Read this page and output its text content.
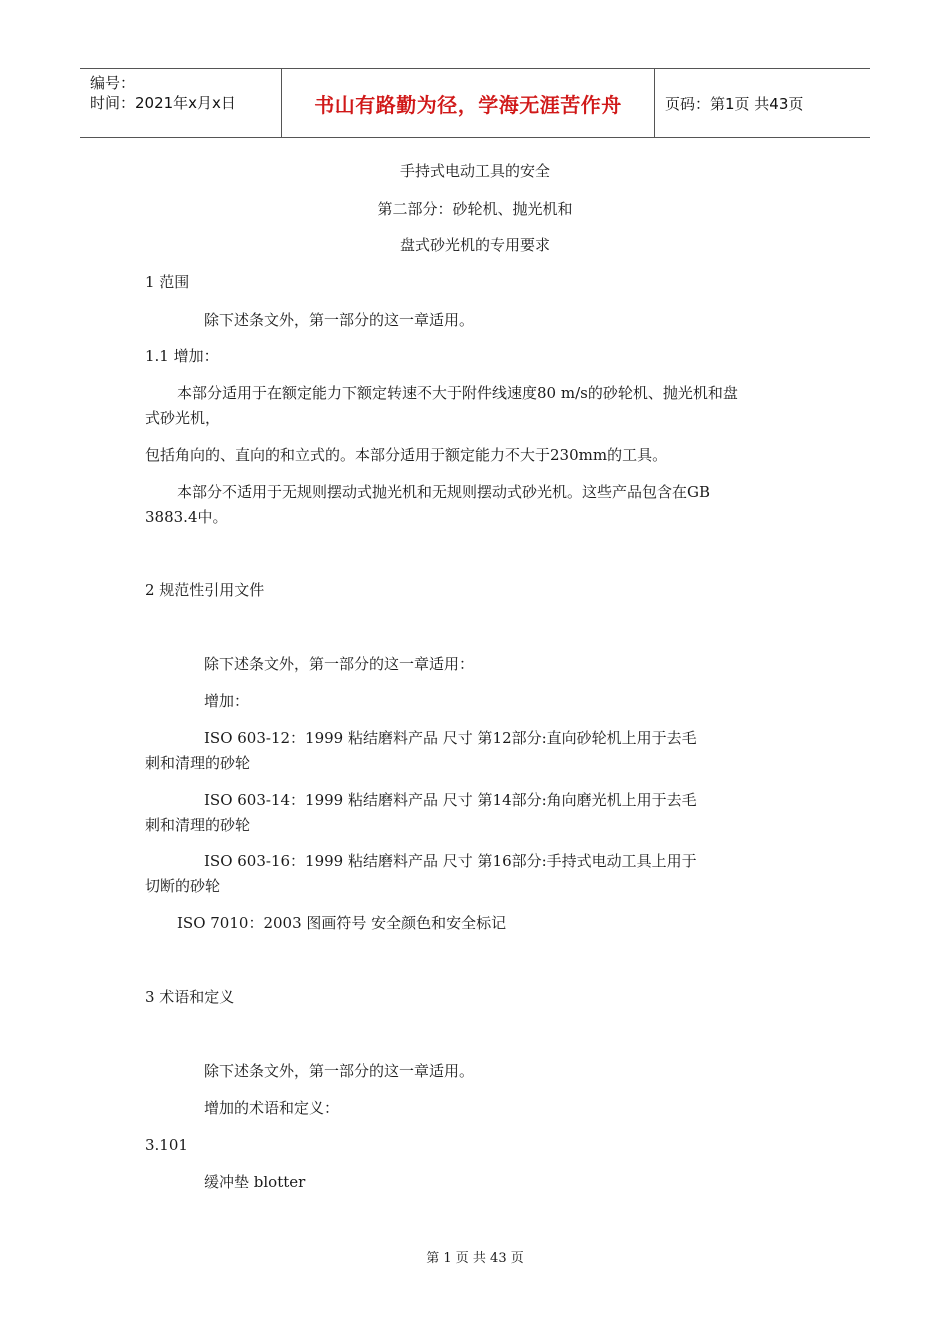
编号：
时间：2021年x月x日	书山有路勤为径，学海无涯苦作舟	页码：第1页 共43页
手持式电动工具的安全
第二部分：砂轮机、抛光机和
盘式砂光机的专用要求
1 范围
除下述条文外，第一部分的这一章适用。
1.1 增加：
本部分适用于在额定能力下额定转速不大于附件线速度80 m/s的砂轮机、抛光机和盘
式砂光机，
包括角向的、直向的和立式的。本部分适用于额定能力不大于230mm的工具。
本部分不适用于无规则摆动式抛光机和无规则摆动式砂光机。这些产品包含在GB
3883.4中。
2 规范性引用文件
除下述条文外，第一部分的这一章适用：
增加：
ISO 603-12：1999 粘结磨料产品 尺寸 第12部分:直向砂轮机上用于去毛
刺和清理的砂轮
ISO 603-14：1999 粘结磨料产品 尺寸 第14部分:角向磨光机上用于去毛
刺和清理的砂轮
ISO 603-16：1999 粘结磨料产品 尺寸 第16部分:手持式电动工具上用于
切断的砂轮
ISO 7010：2003 图画符号 安全颜色和安全标记
3 术语和定义
除下述条文外，第一部分的这一章适用。
增加的术语和定义：
3.101
缓冲垫 blotter
第 1 页 共 43 页
